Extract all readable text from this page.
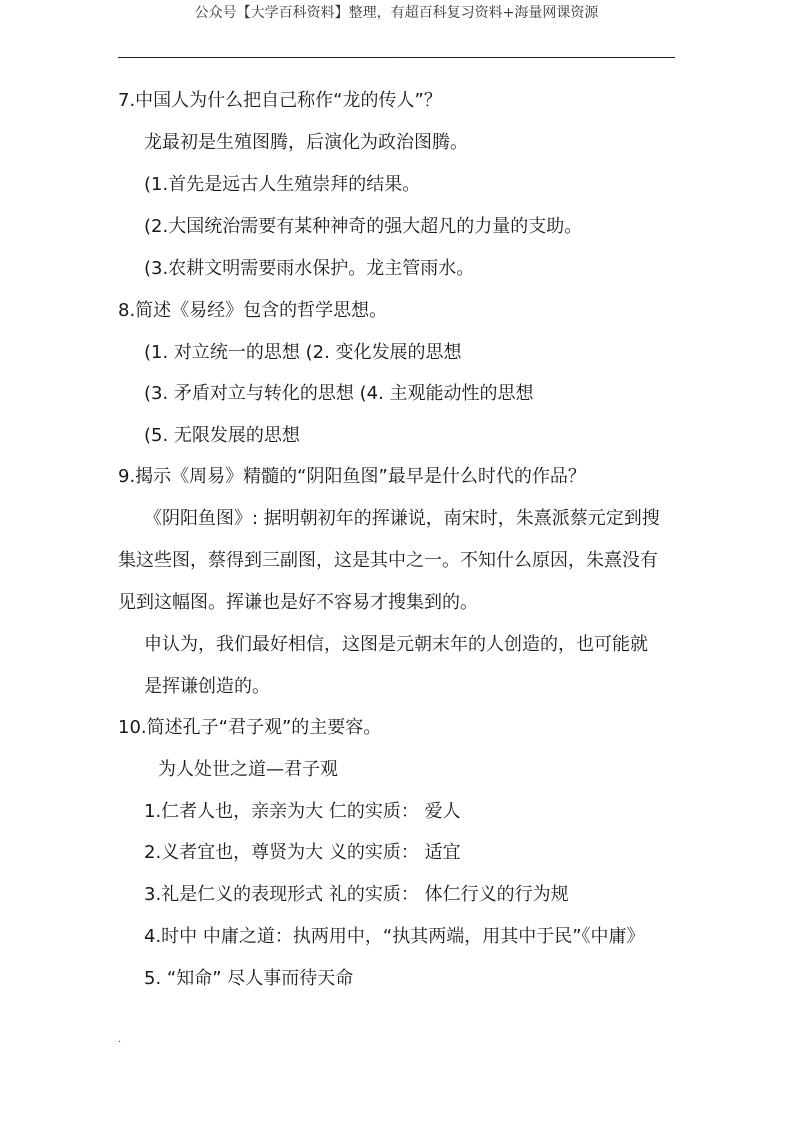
公众号【大学百科资料】整理，有超百科复习资料+海量网课资源
.
7.中国人为什么把自己称作“龙的传人”？
龙最初是生殖图腾，后演化为政治图腾。
(1.首先是远古人生殖崇拜的结果。
(2.大国统治需要有某种神奇的强大超凡的力量的支助。
(3.农耕文明需要雨水保护。龙主管雨水。
8.简述《易经》包含的哲学思想。
(1. 对立统一的思想 (2. 变化发展的思想
(3. 矛盾对立与转化的思想 (4. 主观能动性的思想
(5. 无限发展的思想
9.揭示《周易》精髓的“阴阳鱼图”最早是什么时代的作品？
《阴阳鱼图》: 据明朝初年的挥谦说，南宋时，朱熹派蔡元定到搜
集这些图，蔡得到三副图，这是其中之一。不知什么原因，朱熹没有
见到这幅图。挥谦也是好不容易才搜集到的。
申认为，我们最好相信，这图是元朝末年的人创造的，也可能就
是挥谦创造的。
10.简述孔子“君子观”的主要容。
为人处世之道—君子观
1.仁者人也，亲亲为大 仁的实质： 爱人
2.义者宜也，尊贤为大 义的实质： 适宜
3.礼是仁义的表现形式 礼的实质： 体仁行义的行为规
4.时中 中庸之道：执两用中，“执其两端，用其中于民”《中庸》
5. “知命” 尽人事而待天命
.
